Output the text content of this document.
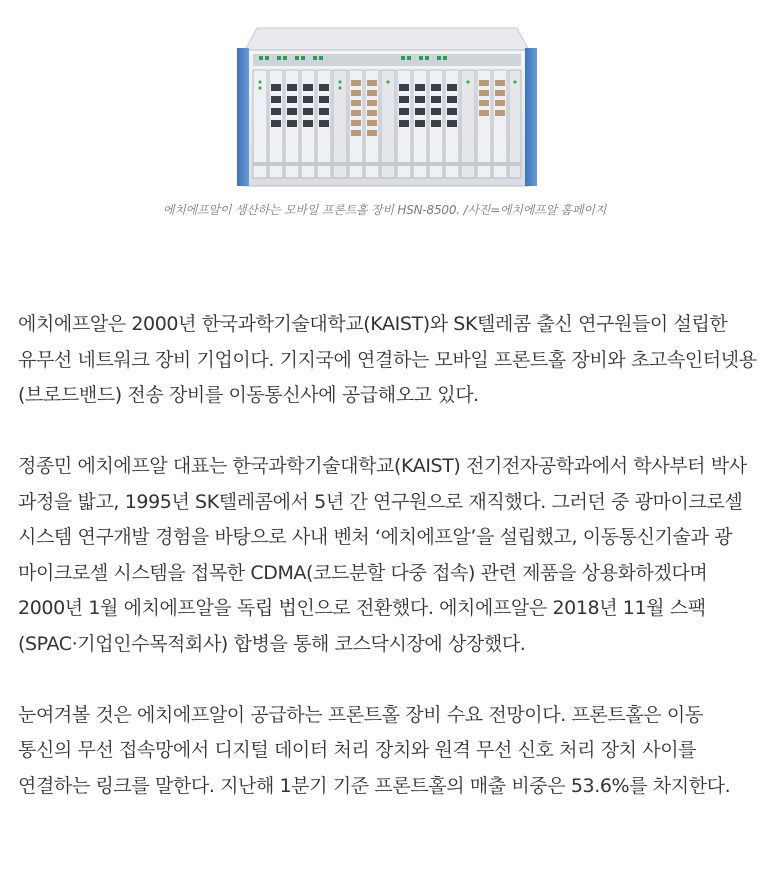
에치에프알이 생산하는 모바일 프론트홀 장비 HSN-8500. /사진=에치에프알 홈페이지

에치에프알은 2000년 한국과학기술대학교(KAIST)와 SK텔레콤 출신 연구원들이 설립한 유무선 네트워크 장비 기업이다. 기지국에 연결하는 모바일 프론트홀 장비와 초고속인터넷용(브로드밴드) 전송 장비를 이동통신사에 공급해오고 있다.

정종민 에치에프알 대표는 한국과학기술대학교(KAIST) 전기전자공학과에서 학사부터 박사 과정을 밟고, 1995년 SK텔레콤에서 5년 간 연구원으로 재직했다. 그러던 중 광마이크로셀 시스템 연구개발 경험을 바탕으로 사내 벤처 ‘에치에프알’을 설립했고, 이동통신기술과 광 마이크로셀 시스템을 접목한 CDMA(코드분할 다중 접속) 관련 제품을 상용화하겠다며 2000년 1월 에치에프알을 독립 법인으로 전환했다. 에치에프알은 2018년 11월 스팩(SPAC·기업인수목적회사) 합병을 통해 코스닥시장에 상장했다.

눈여겨볼 것은 에치에프알이 공급하는 프론트홀 장비 수요 전망이다. 프론트홀은 이동 통신의 무선 접속망에서 디지털 데이터 처리 장치와 원격 무선 신호 처리 장치 사이를 연결하는 링크를 말한다. 지난해 1분기 기준 프론트홀의 매출 비중은 53.6%를 차지한다.
